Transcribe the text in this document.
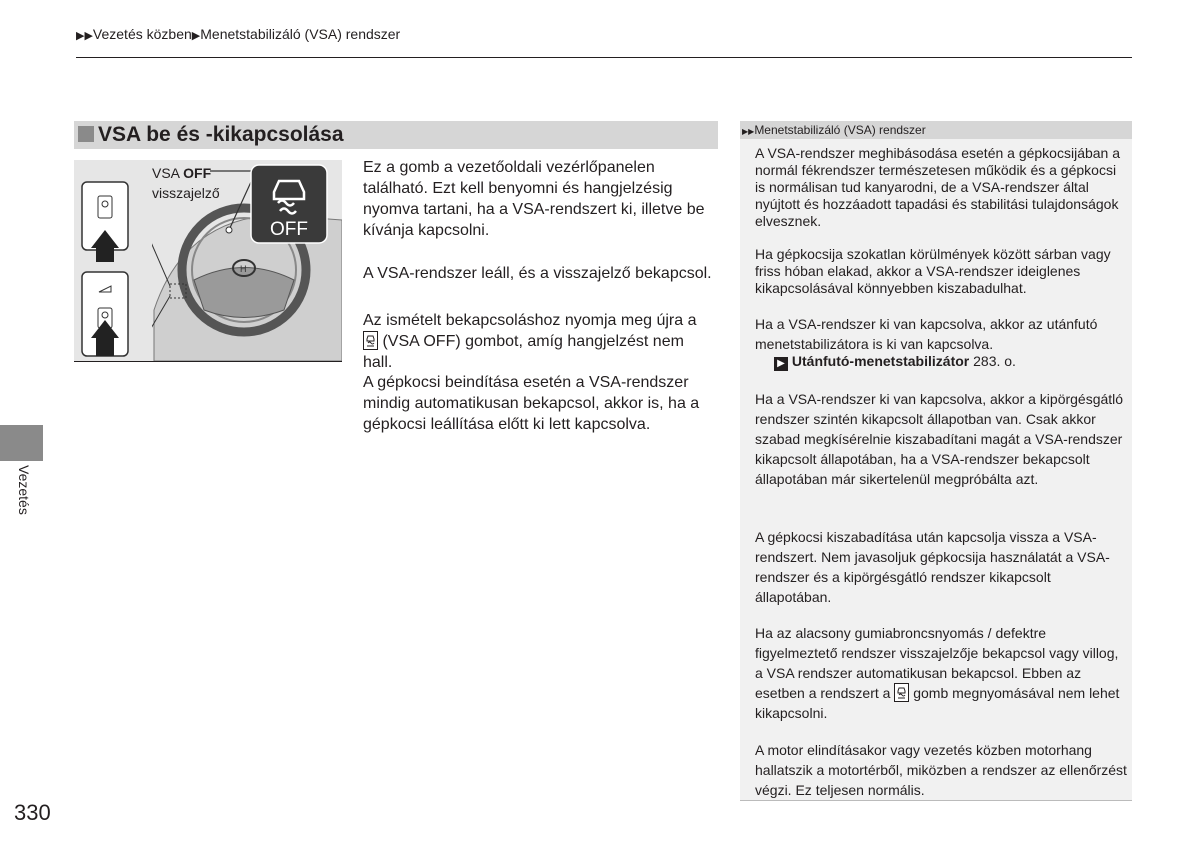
▶▶Vezetés közben▶Menetstabilizáló (VSA) rendszer
VSA be és -kikapcsolása
H
OFF
VSA OFF
visszajelző
Ez a gomb a vezetőoldali vezérlőpanelen található. Ezt kell benyomni és hangjelzésig nyomva tartani, ha a VSA-rendszert ki, illetve be kívánja kapcsolni.
A VSA-rendszer leáll, és a visszajelző bekapcsol.
Az ismételt bekapcsoláshoz nyomja meg újra a
(VSA OFF) gombot, amíg hangjelzést nem hall.
A gépkocsi beindítása esetén a VSA-rendszer mindig automatikusan bekapcsol, akkor is, ha a gépkocsi leállítása előtt ki lett kapcsolva.
Vezetés
330
▶▶Menetstabilizáló (VSA) rendszer
A VSA-rendszer meghibásodása esetén a gépkocsijában a normál fékrendszer természetesen működik és a gépkocsi is normálisan tud kanyarodni, de a VSA-rendszer által nyújtott és hozzáadott tapadási és stabilitási tulajdonságok elvesznek.
Ha gépkocsija szokatlan körülmények között sárban vagy friss hóban elakad, akkor a VSA-rendszer ideiglenes kikapcsolásával könnyebben kiszabadulhat.
Ha a VSA-rendszer ki van kapcsolva, akkor az utánfutó menetstabilizátora is ki van kapcsolva.
▶ Utánfutó-menetstabilizátor 283. o.
Ha a VSA-rendszer ki van kapcsolva, akkor a kipörgésgátló rendszer szintén kikapcsolt állapotban van. Csak akkor szabad megkísérelnie kiszabadítani magát a VSA-rendszer kikapcsolt állapotában, ha a VSA-rendszer bekapcsolt állapotában már sikertelenül megpróbálta azt.
A gépkocsi kiszabadítása után kapcsolja vissza a VSA-rendszert. Nem javasoljuk gépkocsija használatát a VSA-rendszer és a kipörgésgátló rendszer kikapcsolt állapotában.
Ha az alacsony gumiabroncsnyomás / defektre figyelmeztető rendszer visszajelzője bekapcsol vagy villog, a VSA rendszer automatikusan bekapcsol. Ebben az esetben a rendszert a gomb megnyomásával nem lehet kikapcsolni.
A motor elindításakor vagy vezetés közben motorhang hallatszik a motortérből, miközben a rendszer az ellenőrzést végzi. Ez teljesen normális.
